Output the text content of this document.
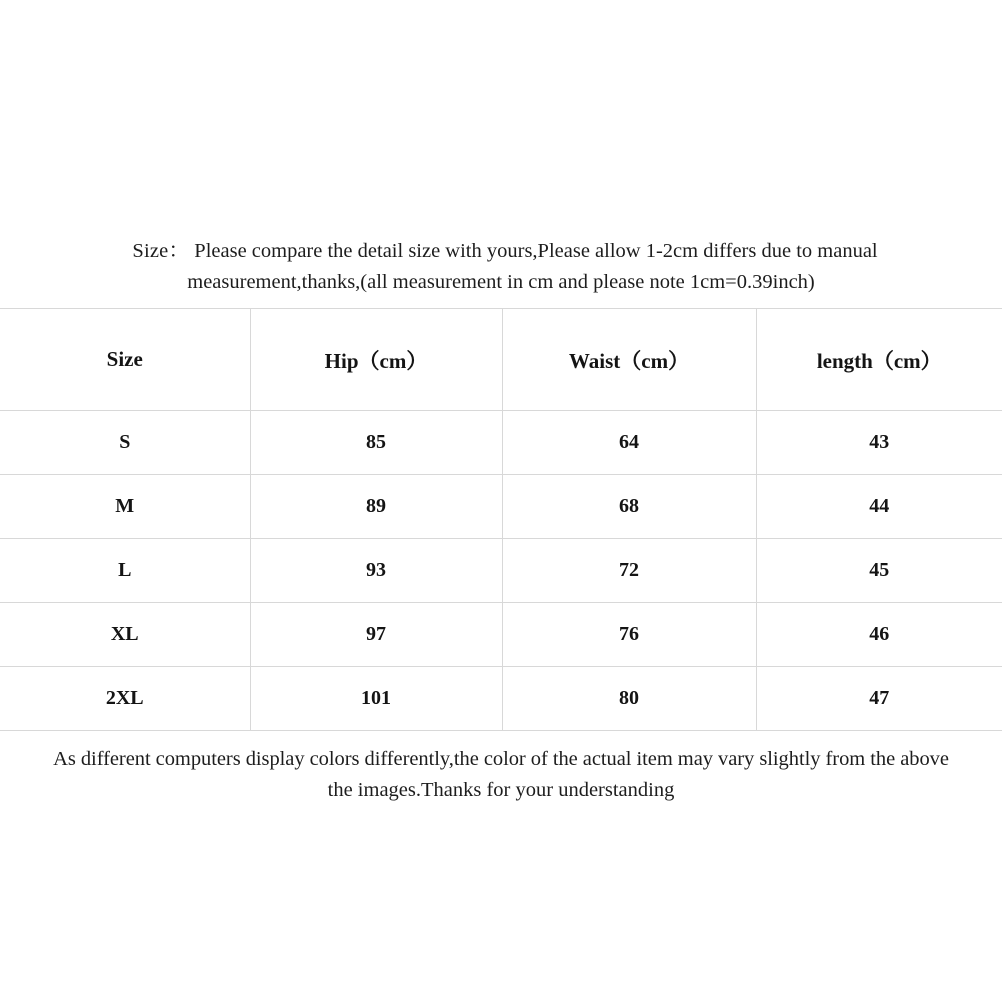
Size： Please compare the detail size with yours,Please allow 1-2cm differs due to manual
measurement,thanks,(all measurement in cm and please note 1cm=0.39inch)
Size	Hip（cm）	Waist（cm）	length（cm）
S	85	64	43
M	89	68	44
L	93	72	45
XL	97	76	46
2XL	101	80	47
As different computers display colors differently,the color of the actual item may vary slightly from the above
the images.Thanks for your understanding
